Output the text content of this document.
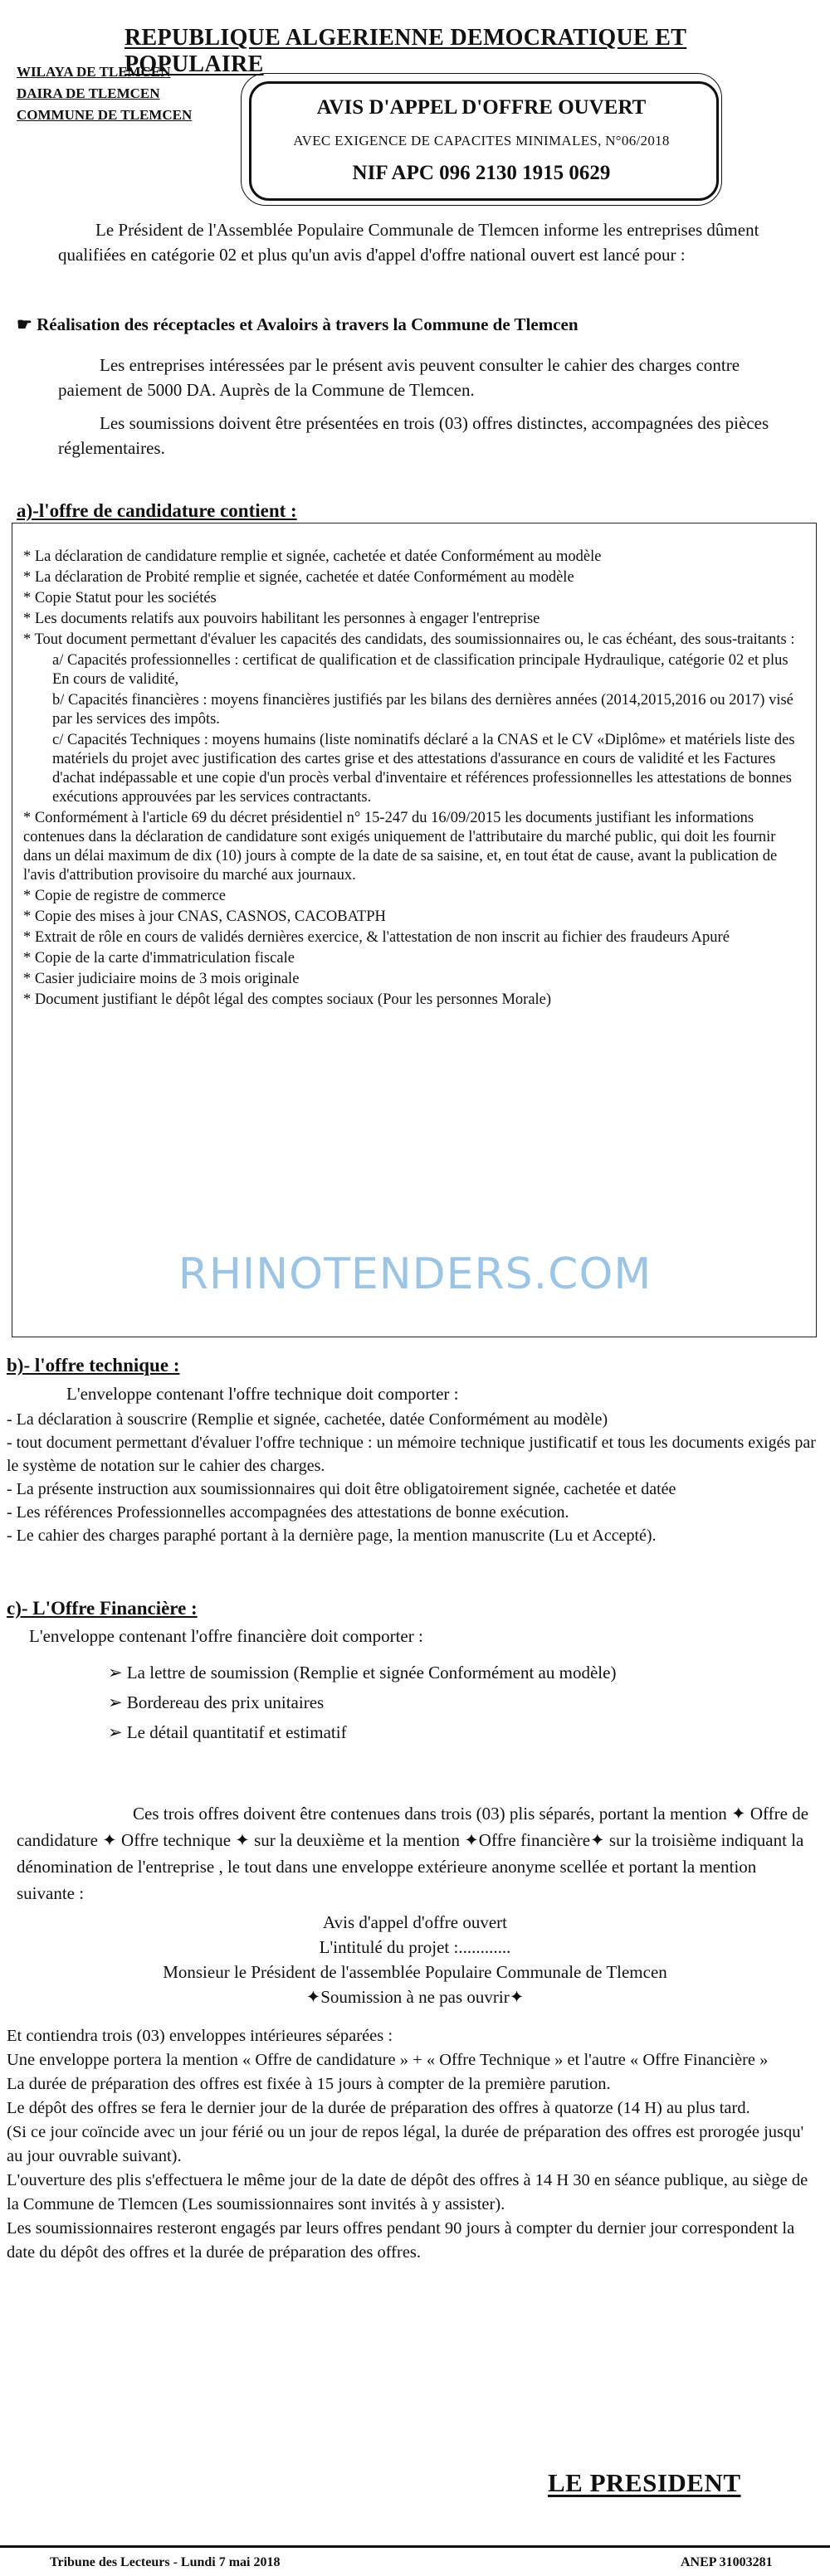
REPUBLIQUE ALGERIENNE DEMOCRATIQUE ET POPULAIRE
WILAYA DE TLEMCEN
DAIRA DE TLEMCEN
COMMUNE DE TLEMCEN	AVIS D'APPEL D'OFFRE OUVERT
AVEC EXIGENCE DE CAPACITES MINIMALES, N°06/2018
NIF APC 096 2130 1915 0629
Le Président de l'Assemblée Populaire Communale de Tlemcen informe les entreprises dûment qualifiées en catégorie 02 et plus qu'un avis d'appel d'offre national ouvert est lancé pour :
☛ Réalisation des réceptacles et Avaloirs à travers la Commune de Tlemcen
Les entreprises intéressées par le présent avis peuvent consulter le cahier des charges contre paiement de 5000 DA. Auprès de la Commune de Tlemcen.
Les soumissions doivent être présentées en trois (03) offres distinctes, accompagnées des pièces réglementaires.
a)-l'offre de candidature contient :

* La déclaration de candidature remplie et signée, cachetée et datée Conformément au modèle

* La déclaration de Probité remplie et signée, cachetée et datée Conformément au modèle

* Copie Statut pour les sociétés

* Les documents relatifs aux pouvoirs habilitant les personnes à engager l'entreprise

* Tout document permettant d'évaluer les capacités des candidats, des soumissionnaires ou, le cas échéant, des sous-traitants :

a/ Capacités professionnelles : certificat de qualification et de classification principale Hydraulique, catégorie 02 et plus En cours de validité,

b/ Capacités financières : moyens financières justifiés par les bilans des dernières années (2014,2015,2016 ou 2017) visé par les services des impôts.

c/ Capacités Techniques : moyens humains (liste nominatifs déclaré a la CNAS et le CV «Diplôme» et matériels liste des matériels du projet avec justification des cartes grise et des attestations d'assurance en cours de validité et les Factures d'achat indépassable et une copie d'un procès verbal d'inventaire et références professionnelles les attestations de bonnes exécutions approuvées par les services contractants.

* Conformément à l'article 69 du décret présidentiel n° 15-247 du 16/09/2015 les documents justifiant les informations contenues dans la déclaration de candidature sont exigés uniquement de l'attributaire du marché public, qui doit les fournir dans un délai maximum de dix (10) jours à compte de la date de sa saisine, et, en tout état de cause, avant la publication de l'avis d'attribution provisoire du marché aux journaux.

* Copie de registre de commerce

* Copie des mises à jour CNAS, CASNOS, CACOBATPH

* Extrait de rôle en cours de validés dernières exercice, & l'attestation de non inscrit au fichier des fraudeurs Apuré

* Copie de la carte d'immatriculation fiscale

* Casier judiciaire moins de 3 mois originale

* Document justifiant le dépôt légal des comptes sociaux (Pour les personnes Morale)

RHINOTENDERS.COM
b)- l'offre technique :
L'enveloppe contenant l'offre technique doit comporter :
- La déclaration à souscrire (Remplie et signée, cachetée, datée Conformément au modèle)
- tout document permettant d'évaluer l'offre technique : un mémoire technique justificatif et tous les documents exigés par le système de notation sur le cahier des charges.
- La présente instruction aux soumissionnaires qui doit être obligatoirement signée, cachetée et datée
- Les références Professionnelles accompagnées des attestations de bonne exécution.
- Le cahier des charges paraphé portant à la dernière page, la mention manuscrite (Lu et Accepté).
c)- L'Offre Financière :
L'enveloppe contenant l'offre financière doit comporter :
➢ La lettre de soumission (Remplie et signée Conformément au modèle)
➢ Bordereau des prix unitaires
➢ Le détail quantitatif et estimatif
Ces trois offres doivent être contenues dans trois (03) plis séparés, portant la mention ✦ Offre de candidature ✦ Offre technique ✦ sur la deuxième et la mention ✦Offre financière✦ sur la troisième indiquant la dénomination de l'entreprise , le tout dans une enveloppe extérieure anonyme scellée et portant la mention suivante :
Avis d'appel d'offre ouvert
L'intitulé du projet :............
Monsieur le Président de l'assemblée Populaire Communale de Tlemcen
✦Soumission à ne pas ouvrir✦
Et contiendra trois (03) enveloppes intérieures séparées :
Une enveloppe portera la mention « Offre de candidature » + « Offre Technique » et l'autre « Offre Financière »
La durée de préparation des offres est fixée à 15 jours à compter de la première parution.
Le dépôt des offres se fera le dernier jour de la durée de préparation des offres à quatorze (14 H) au plus tard.
(Si ce jour coïncide avec un jour férié ou un jour de repos légal, la durée de préparation des offres est prorogée jusqu' au jour ouvrable suivant).
L'ouverture des plis s'effectuera le même jour de la date de dépôt des offres à 14 H 30 en séance publique, au siège de la Commune de Tlemcen (Les soumissionnaires sont invités à y assister).
Les soumissionnaires resteront engagés par leurs offres pendant 90 jours à compter du dernier jour correspondent la date du dépôt des offres et la durée de préparation des offres.
LE PRESIDENT
Tribune des Lecteurs - Lundi 7 mai 2018	ANEP 31003281
